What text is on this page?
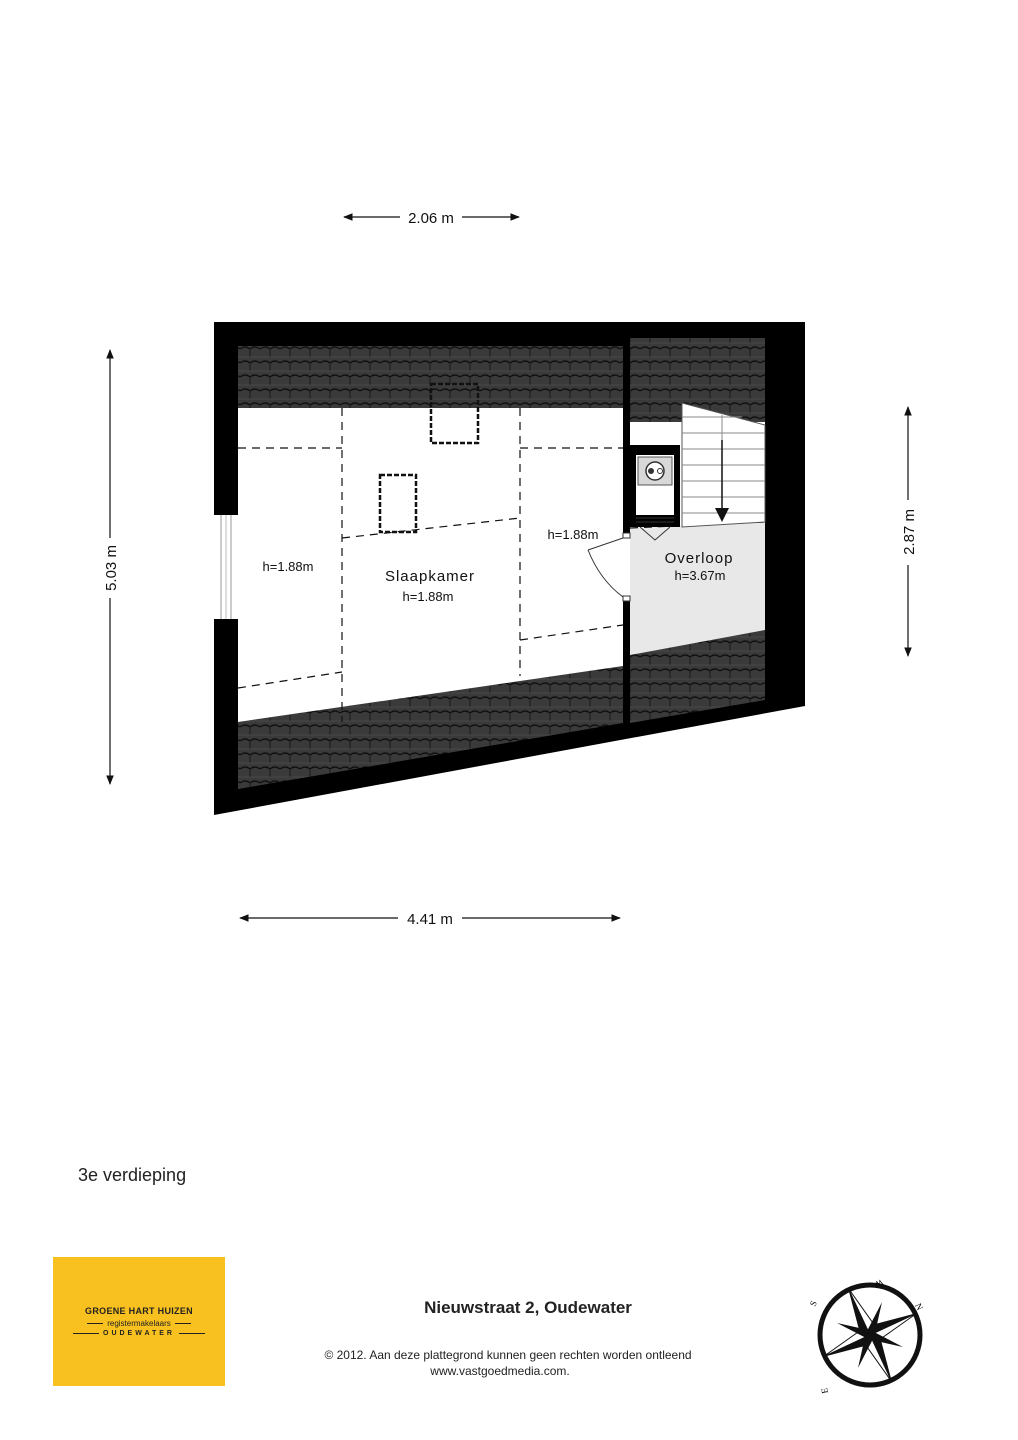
2.06 m
5.03 m
2.87 m
4.41 m
h=1.88m
Slaapkamer
h=1.88m
h=1.88m
Overloop
h=3.67m
3e verdieping
GROENE HART HUIZEN
registermakelaars
OUDEWATER
Nieuwstraat 2, Oudewater
© 2012. Aan deze plattegrond kunnen geen rechten worden ontleend
www.vastgoedmedia.com.
N
S
E
W
